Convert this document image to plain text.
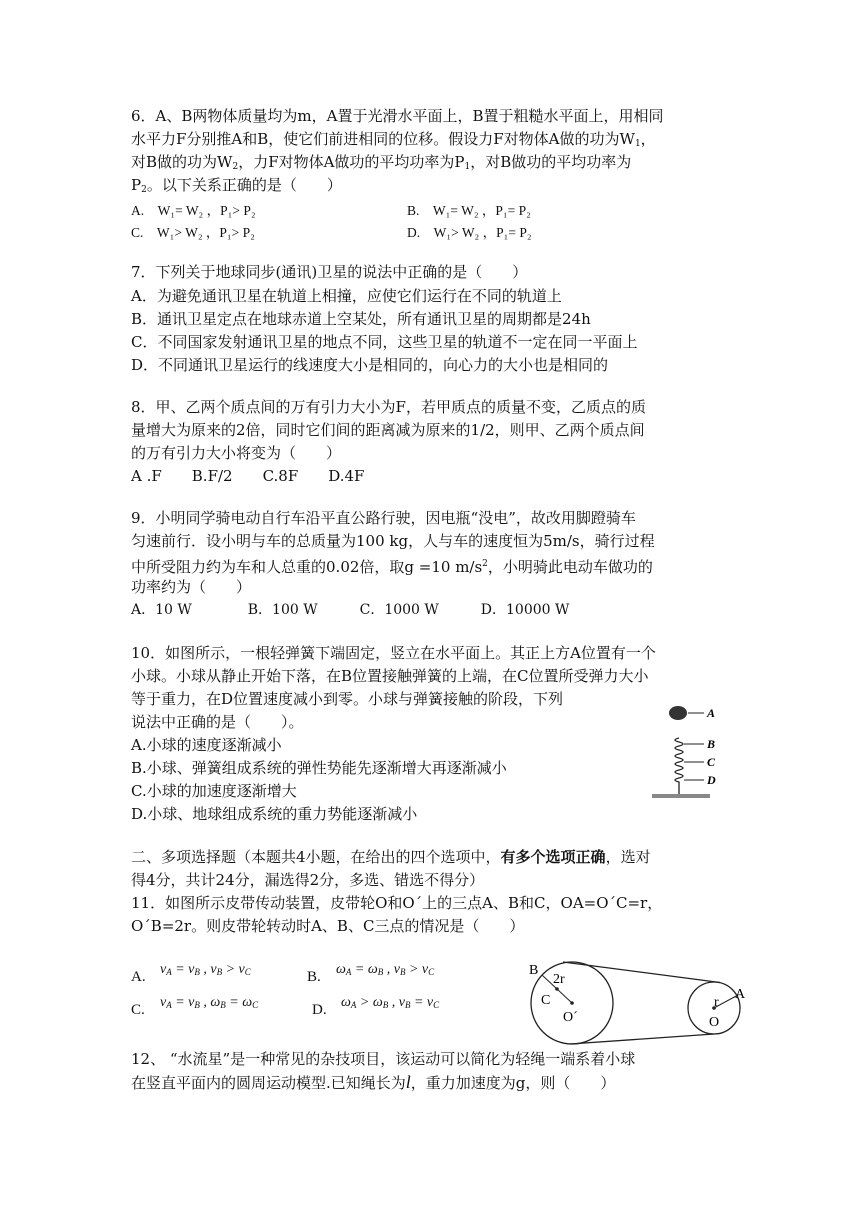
6．A、B两物体质量均为m，A置于光滑水平面上，B置于粗糙水平面上，用相同
水平力F分别推A和B，使它们前进相同的位移。假设力F对物体A做的功为$W_1$，
对B做的功为$W_2$，力F对物体A做功的平均功率为$P_1$，对B做功的平均功率为
$P_2$。以下关系正确的是（　　）
A.　W₁= W₂ ，P₁> P₂	B.　W₁= W₂ ，P₁= P₂
C.　W₁> W₂ ，P₁> P₂	D.　W₁> W₂ ，P₁= P₂
7．下列关于地球同步(通讯)卫星的说法中正确的是（　　）
A．为避免通讯卫星在轨道上相撞，应使它们运行在不同的轨道上
B．通讯卫星定点在地球赤道上空某处，所有通讯卫星的周期都是24h
C．不同国家发射通讯卫星的地点不同，这些卫星的轨道不一定在同一平面上
D．不同通讯卫星运行的线速度大小是相同的，向心力的大小也是相同的
8．甲、乙两个质点间的万有引力大小为F，若甲质点的质量不变，乙质点的质
量增大为原来的2倍，同时它们间的距离减为原来的1/2，则甲、乙两个质点间
的万有引力大小将变为（　　）
A .F　　B.F/2　　C.8F　　D.4F
9．小明同学骑电动自行车沿平直公路行驶，因电瓶“没电”，故改用脚蹬骑车
匀速前行．设小明与车的总质量为100 kg，人与车的速度恒为5m/s，骑行过程
中所受阻力约为车和人总重的0.02倍，取g =10 $m/s^2$，小明骑此电动车做功的
功率约为（　　）
A．10 W　　　　B．100 W　　　C．1000 W　　　D．10000 W
10．如图所示，一根轻弹簧下端固定，竖立在水平面上。其正上方A位置有一个
小球。小球从静止开始下落，在B位置接触弹簧的上端，在C位置所受弹力大小
等于重力，在D位置速度减小到零。小球与弹簧接触的阶段，下列
说法中正确的是（　　）。
A.小球的速度逐渐减小
B.小球、弹簧组成系统的弹性势能先逐渐增大再逐渐减小
C.小球的加速度逐渐增大
D.小球、地球组成系统的重力势能逐渐减小
A
B
C
D
二、多项选择题（本题共4小题，在给出的四个选项中，有多个选项正确，选对
得4分，共计24分，漏选得2分，多选、错选不得分）
11．如图所示皮带传动装置，皮带轮O和O´上的三点A、B和C，OA=O´C=r，
O´B=2r。则皮带轮转动时A、B、C三点的情况是（　　）
A. $v_A = v_B$ , $v_B > v_C$	B. $\omega_A = \omega_B$ , $v_B > v_C$
C. $v_A = v_B$ , $\omega_B = \omega_C$	D. $\omega_A > \omega_B$ , $v_B = v_C$
B
2r
C
O´
r
A
O
12、 “水流星”是一种常见的杂技项目，该运动可以简化为轻绳一端系着小球
在竖直平面内的圆周运动模型.已知绳长为l，重力加速度为g，则（　　）
